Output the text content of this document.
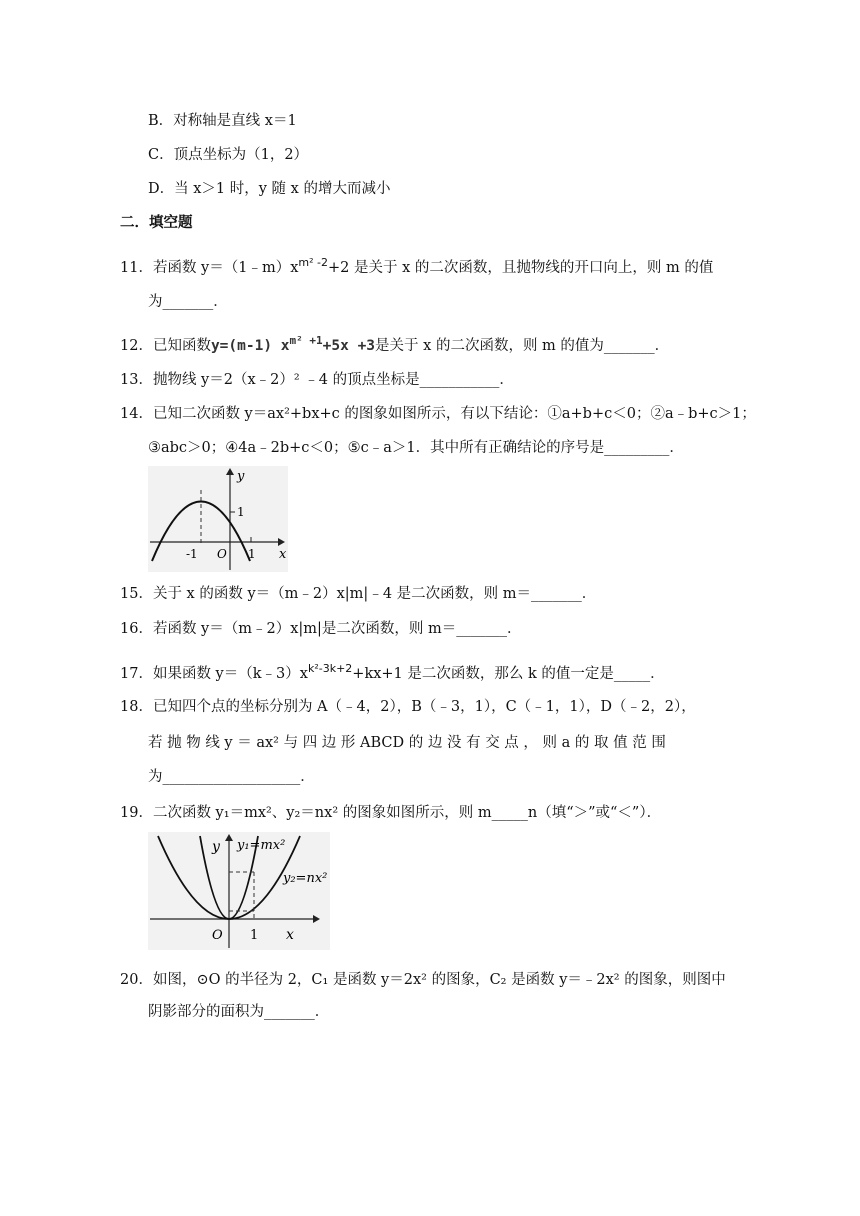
B．对称轴是直线 x＝1
C．顶点坐标为（1，2）
D．当 x＞1 时，y 随 x 的增大而减小
二．填空题
11．若函数 $y=(1﹣m)x^{m^2 -2}+2$ 是关于 x 的二次函数，且抛物线的开口向上，则 m 的值
为_______．
12．已知函数y=(m-1) $x^{m^2 +1}+5x +3$是关于 x 的二次函数，则 m 的值为_______．
13．抛物线 y＝2（x﹣2）² ﹣4 的顶点坐标是___________．
14．已知二次函数 y＝ax²+bx+c 的图象如图所示，有以下结论：①a+b+c＜0；②a﹣b+c＞1；
③abc＞0；④4a﹣2b+c＜0；⑤c﹣a＞1．其中所有正确结论的序号是_________．
y
x
1
-1 O 1
15．关于 x 的函数 y＝（m﹣2）x|m|﹣4 是二次函数，则 m＝_______．
16．若函数 y＝（m﹣2）x|m|是二次函数，则 m＝_______．
17．如果函数 $y=(k﹣3)x^{k^2-3k+2}+kx+1$ 是二次函数，那么 k 的值一定是_____．
18．已知四个点的坐标分别为 A（﹣4，2），B（﹣3，1），C（﹣1，1），D（﹣2，2），
若 抛 物 线 y ＝ ax² 与 四 边 形 ABCD 的 边 没 有 交 点 ， 则 a 的 取 值 范 围
为___________________．
19．二次函数 y₁＝mx²、y₂＝nx² 的图象如图所示，则 m_____n（填“＞”或“＜”）．
y y₁=mx²
y₂=nx²
O 1 x
20．如图，⊙O 的半径为 2，C₁ 是函数 y＝2x² 的图象，C₂ 是函数 y＝﹣2x² 的图象，则图中
阴影部分的面积为_______．
